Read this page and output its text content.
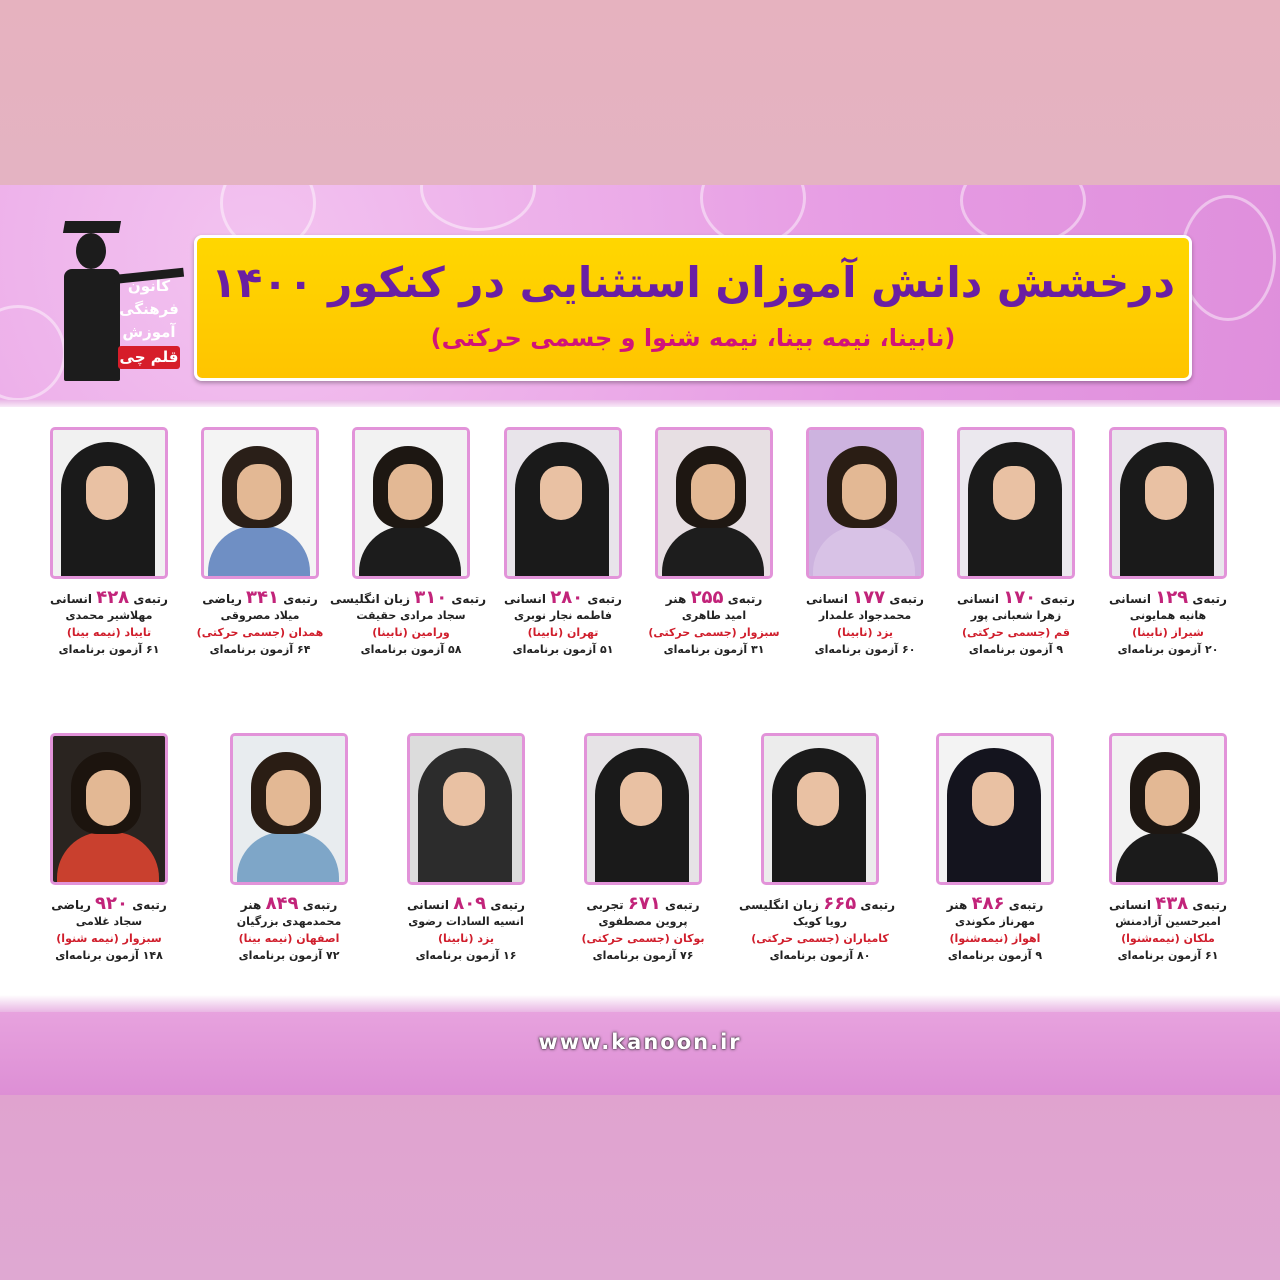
کانون
فرهنگی
آموزش
قلم چی
درخشش دانش آموزان استثنایی در کنکور ۱۴۰۰
(نابینا، نیمه بینا، نیمه شنوا و جسمی حرکتی)
رتبه‌ی ۱۲۹ انسانی
هانیه همایونی
شیراز (نابینا)
۲۰ آزمون برنامه‌ای
رتبه‌ی ۱۷۰ انسانی
زهرا شعبانی پور
قم (جسمی حرکتی)
۹ آزمون برنامه‌ای
رتبه‌ی ۱۷۷ انسانی
محمدجواد علمدار
یزد (نابینا)
۶۰ آزمون برنامه‌ای
رتبه‌ی ۲۵۵ هنر
امید طاهری
سبزوار (جسمی حرکتی)
۳۱ آزمون برنامه‌ای
رتبه‌ی ۲۸۰ انسانی
فاطمه نجار نوبری
تهران (نابینا)
۵۱ آزمون برنامه‌ای
رتبه‌ی ۳۱۰ زبان انگلیسی
سجاد مرادی حقیقت
ورامین (نابینا)
۵۸ آزمون برنامه‌ای
رتبه‌ی ۳۴۱ ریاضی
میلاد مصروقی
همدان (جسمی حرکتی)
۶۴ آزمون برنامه‌ای
رتبه‌ی ۴۲۸ انسانی
مهلاشیر محمدی
تایباد (نیمه بینا)
۶۱ آزمون برنامه‌ای
رتبه‌ی ۴۳۸ انسانی
امیرحسین آزادمنش
ملکان (نیمه‌شنوا)
۶۱ آزمون برنامه‌ای
رتبه‌ی ۴۸۶ هنر
مهرناز مکوندی
اهواز (نیمه‌شنوا)
۹ آزمون برنامه‌ای
رتبه‌ی ۶۶۵ زبان انگلیسی
رویا کویک
کامیاران (جسمی حرکتی)
۸۰ آزمون برنامه‌ای
رتبه‌ی ۶۷۱ تجربی
پروین مصطفوی
بوکان (جسمی حرکتی)
۷۶ آزمون برنامه‌ای
رتبه‌ی ۸۰۹ انسانی
انسیه السادات رضوی
یزد (نابینا)
۱۶ آزمون برنامه‌ای
رتبه‌ی ۸۴۹ هنر
محمدمهدی بزرگیان
اصفهان (نیمه بینا)
۷۲ آزمون برنامه‌ای
رتبه‌ی ۹۲۰ ریاضی
سجاد غلامی
سبزوار (نیمه شنوا)
۱۴۸ آزمون برنامه‌ای
www.kanoon.ir
